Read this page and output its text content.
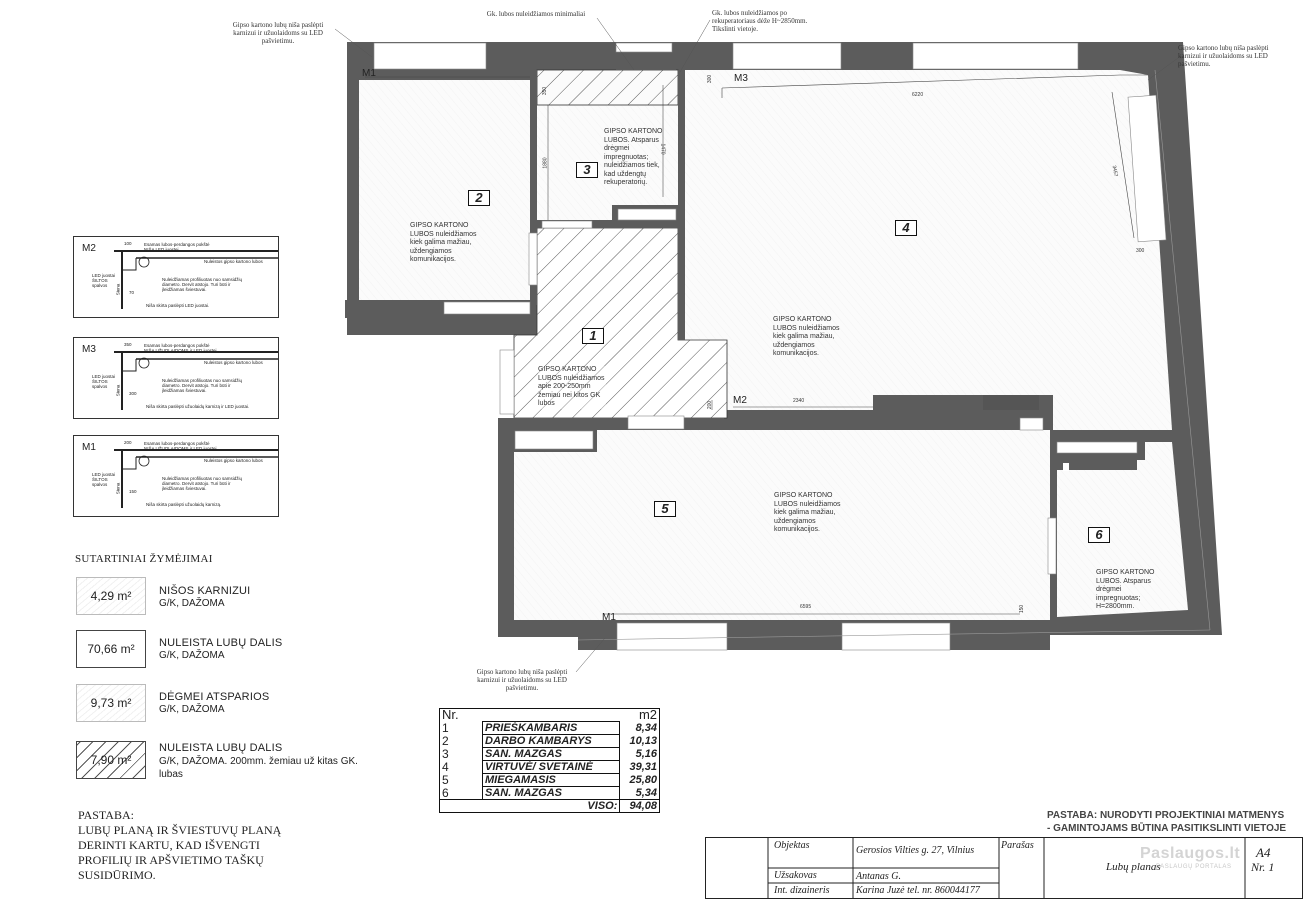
Gipso kartono lubų niša paslėpti karnizui ir užuolaidoms su LED pašvietimu.
Gk. lubos nuleidžiamos minimaliai	Gk. lubos nuleidžiamos po rekuperatoriaus dėže H~2850mm. Tikslinti vietoje.
Gipso kartono lubų niša paslėpti karnizui ir užuolaidoms su LED pašvietimu.
Gipso kartono lubų niša paslėpti karnizui ir užuolaidoms su LED pašvietimu.
2
GIPSO KARTONO LUBOS nuleidžiamos kiek galima mažiau, uždengiamos komunikacijos.
3
GIPSO KARTONO LUBOS. Atsparus drėgmei impregnuotas; nuleidžiamos tiek, kad uždengtų rekuperatorių.
4
GIPSO KARTONO LUBOS nuleidžiamos kiek galima mažiau, uždengiamos komunikacijos.
1
GIPSO KARTONO LUBOS nuleidžiamos apie 200-250mm žemiau nei kitos GK lubos
5
GIPSO KARTONO LUBOS nuleidžiamos kiek galima mažiau, uždengiamos komunikacijos.	6
GIPSO KARTONO LUBOS. Atsparus drėgmei impregnuotas; H=2800mm.
M1	M3
M2
M1
6220
2340
6595
1880
1470
3457
300
300
150
200
350
M2	Esamas lubos-perdangos pokštė
NIŠA LED juostei
Nuleistos gipso kartono lubos
100
70
LED juostai ŠILTOS spalvos	Siena
Nuleidžiamas profiliuotas nuo samsidžių diametro. Dervit atstojo. Turi būti ir įleidžiamas šviestuvai.
Niša skirta paslėpti LED juostai.
M3	Esamas lubos-perdangos pokštė
NIŠA UŽUOLAIDOMS ir LED juostei
Nuleistos gipso kartono lubos
350
300
LED juostai ŠILTOS spalvos	Siena
Nuleidžiamas profiliuotas nuo samsidžių diametro. Dervit atstojo. Turi būti ir įleidžiamas šviestuvai.
Niša skirta paslėpti užuolaidų karnizą ir LED juostai.
M1	Esamas lubos-perdangos pokštė
NIŠA UŽUOLAIDOMS ir LED juostei
Nuleistos gipso kartono lubos
200
150
LED juostai ŠILTOS spalvos	Siena
Nuleidžiamas profiliuotas nuo samsidžių diametro. Dervit atstojo. Turi būti ir įleidžiamas šviestuvai.
Niša skirta paslėpti užuolaidų karnizą.
SUTARTINIAI ŽYMĖJIMAI
4,29 m²	NIŠOS KARNIZUI
G/K, DAŽOMA
70,66 m²	NULEISTA LUBŲ DALIS
G/K, DAŽOMA
9,73 m²	DĖGMEI ATSPARIOS
G/K, DAŽOMA
7,90 m²
NULEISTA LUBŲ DALIS
G/K, DAŽOMA. 200mm. žemiau už kitas GK. lubas
PASTABA:
LUBŲ PLANĄ IR ŠVIESTUVŲ PLANĄ
DERINTI KARTU, KAD IŠVENGTI
PROFILIŲ IR APŠVIETIMO TAŠKŲ
SUSIDŪRIMO.
Nr.		m2
1	PRIEŠKAMBARIS	8,34
2	DARBO KAMBARYS	10,13
3	SAN. MAZGAS	5,16
4	VIRTUVĖ/ SVETAINĖ	39,31
5	MIEGAMASIS	25,80
6	SAN. MAZGAS	5,34
	VISO:	94,08
PASTABA: NURODYTI PROJEKTINIAI MATMENYS
- GAMINTOJAMS BŪTINA PASITIKSLINTI VIETOJE
Objektas	Gerosios Vilties g. 27, Vilnius	Parašas
Užsakovas	Antanas G.
Int. dizaineris	Karina Juzė tel. nr. 860044177
Lubų planas
A4
Nr. 1
Paslaugos.lt
PASLAUGŲ PORTALAS
